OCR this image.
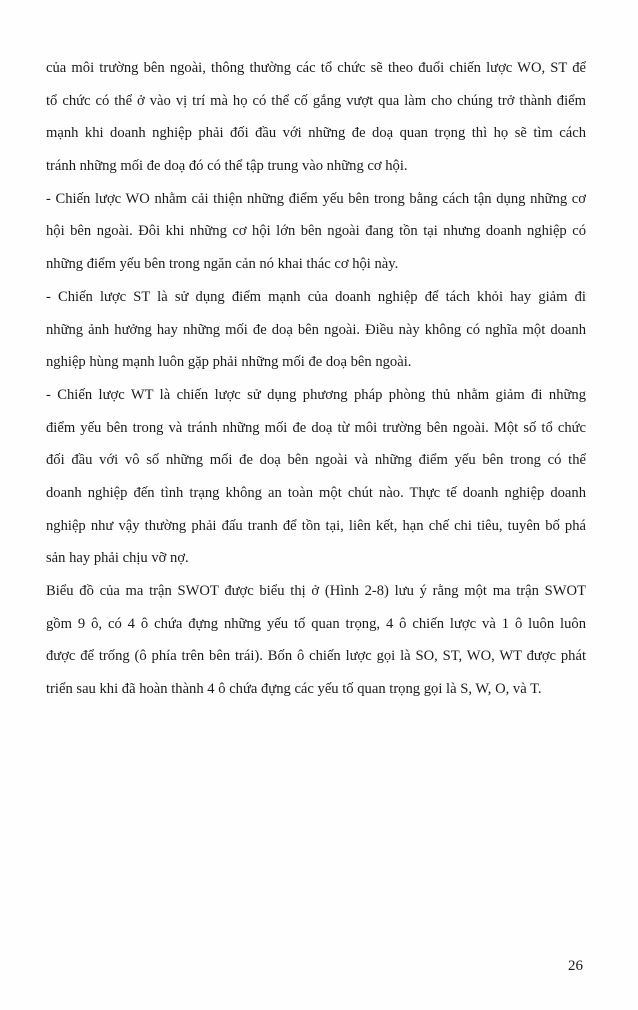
của môi trường bên ngoài, thông thường các tổ chức sẽ theo đuổi chiến lược WO, ST để
tổ chức có thể ở vào vị trí mà họ có thể cố gắng vượt qua làm cho chúng trở thành điểm
mạnh khi doanh nghiệp phải đối đầu với những đe doạ quan trọng thì họ sẽ tìm cách
tránh những mối đe doạ đó có thể tập trung vào những cơ hội.
- Chiến lược WO nhằm cải thiện những điểm yếu bên trong bằng cách tận dụng những cơ
hội bên ngoài. Đôi khi những cơ hội lớn bên ngoài đang tồn tại nhưng doanh nghiệp có
những điểm yếu bên trong ngăn cản nó khai thác cơ hội này.
- Chiến lược ST là sử dụng điểm mạnh của doanh nghiệp để tách khỏi hay giảm đi
những ảnh hưởng hay những mối đe doạ bên ngoài. Điều này không có nghĩa một doanh
nghiệp hùng mạnh luôn gặp phải những mối đe doạ bên ngoài.
- Chiến lược WT là chiến lược sử dụng phương pháp phòng thủ nhằm giảm đi những
điểm yếu bên trong và tránh những mối đe doạ từ môi trường bên ngoài. Một số tổ chức
đối đầu với vô số những mối đe doạ bên ngoài và những điểm yếu bên trong có thể
doanh nghiệp đến tình trạng không an toàn một chút nào. Thực tế doanh nghiệp doanh
nghiệp như vậy thường phải đấu tranh để tồn tại, liên kết, hạn chế chi tiêu, tuyên bố phá
sản hay phải chịu vỡ nợ.
Biểu đồ của ma trận SWOT được biểu thị ở (Hình 2-8) lưu ý rằng một ma trận SWOT
gồm 9 ô, có 4 ô chứa đựng những yếu tố quan trọng, 4 ô chiến lược và 1 ô luôn luôn
được để trống (ô phía trên bên trái). Bốn ô chiến lược gọi là SO, ST, WO, WT được phát
triển sau khi đã hoàn thành 4 ô chứa đựng các yếu tố quan trọng gọi là S, W, O, và T.
26
